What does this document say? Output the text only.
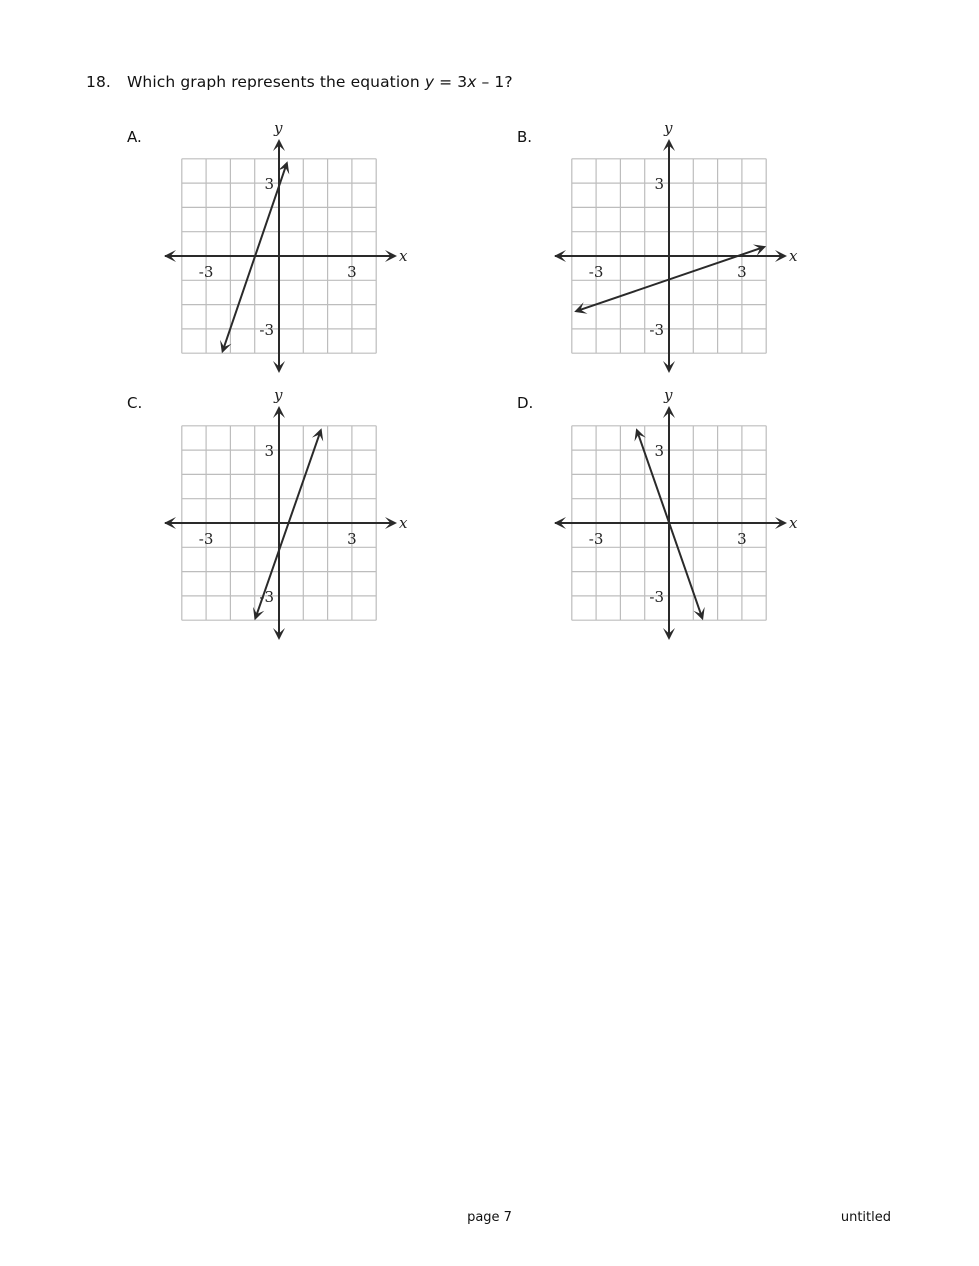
18. Which graph represents the equation y = 3x – 1?
A.	B.
C.	D.
x
y
-3	3
3
-3
x
y
-3	3
3
-3
x
y
-3	3
3
-3
x
y
-3	3
3
-3
page 7	untitled
